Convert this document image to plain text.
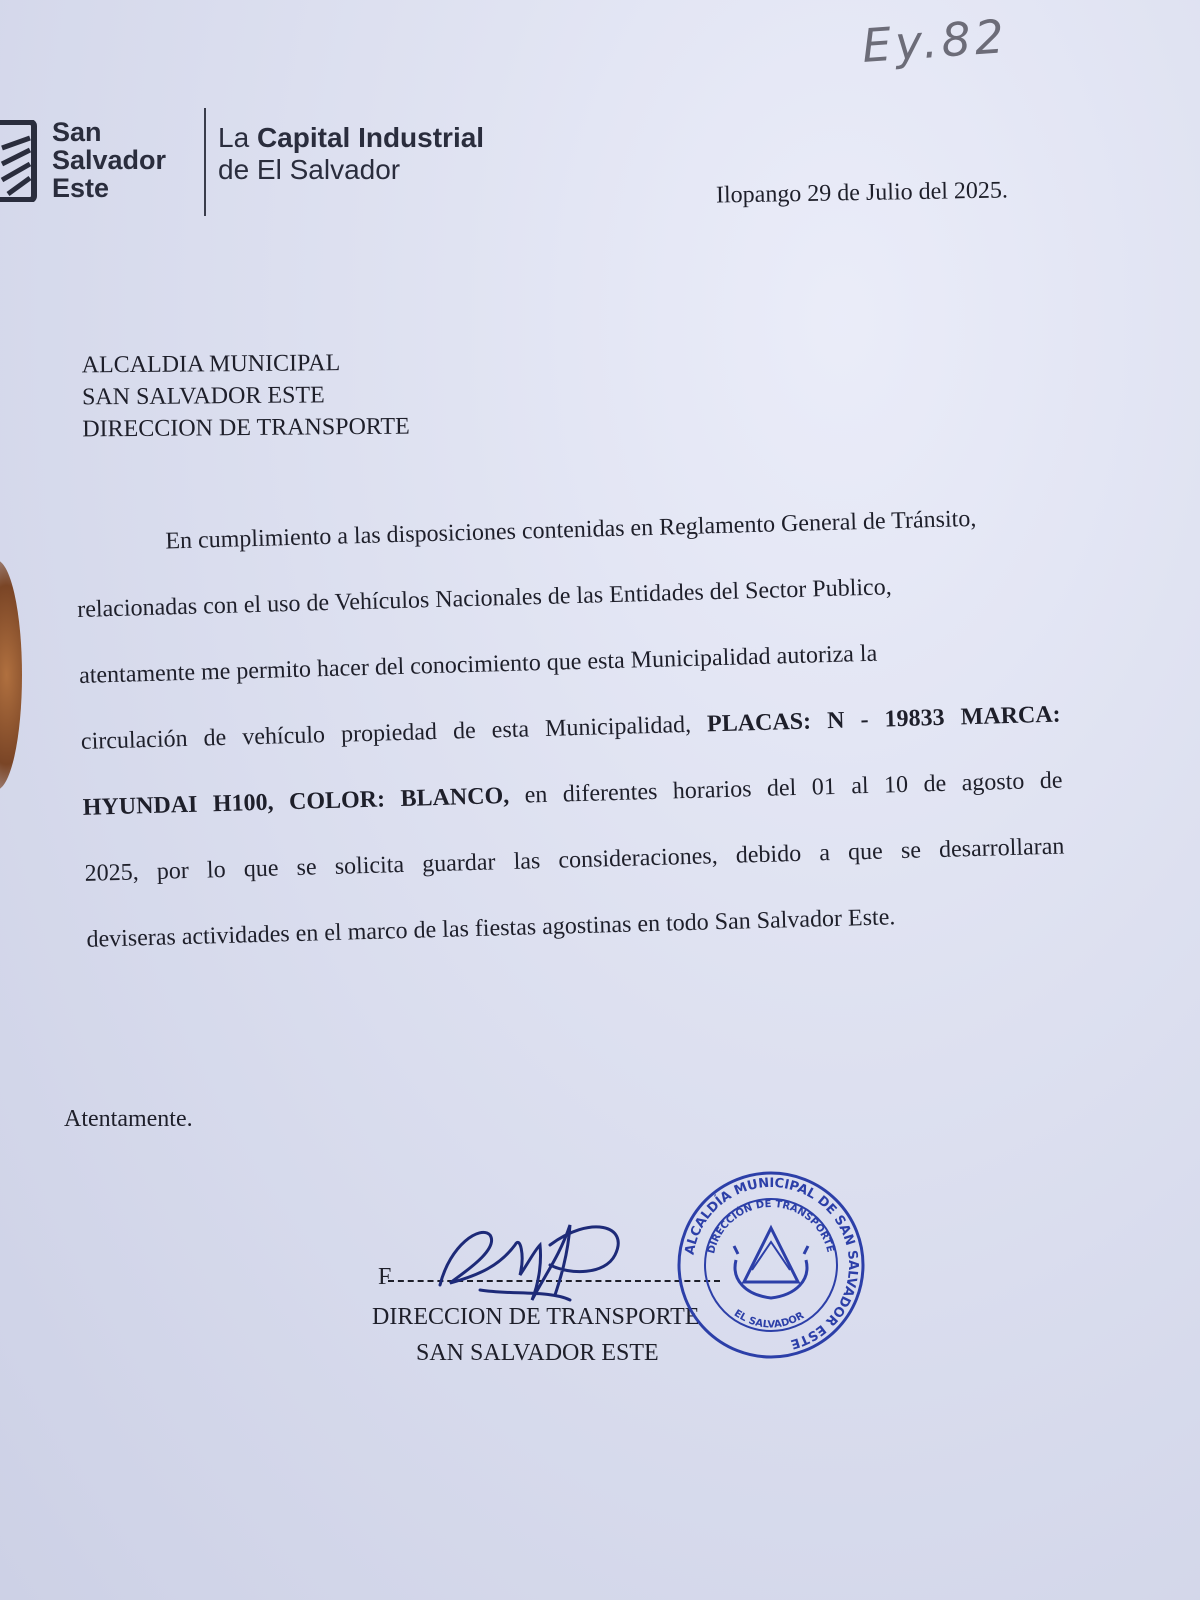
Ey.82
San
Salvador
Este
La Capital Industrial
de El Salvador
Ilopango 29 de Julio del 2025.
ALCALDIA MUNICIPAL
SAN SALVADOR ESTE
DIRECCION DE TRANSPORTE
En cumplimiento a las disposiciones contenidas en Reglamento General de Tránsito,
relacionadas con el uso de Vehículos Nacionales de las Entidades del Sector Publico,
atentamente me permito hacer del conocimiento que esta Municipalidad autoriza la
circulación de vehículo propiedad de esta Municipalidad, PLACAS: N - 19833 MARCA:
HYUNDAI H100, COLOR: BLANCO, en diferentes horarios del 01 al 10 de agosto de
2025, por lo que se solicita guardar las consideraciones, debido a que se desarrollaran
deviseras actividades en el marco de las fiestas agostinas en todo San Salvador Este.
Atentamente.
F
DIRECCION DE TRANSPORTE
SAN SALVADOR ESTE
ALCALDÍA MUNICIPAL DE SAN SALVADOR ESTE
DIRECCIÓN DE TRANSPORTE
EL SALVADOR
